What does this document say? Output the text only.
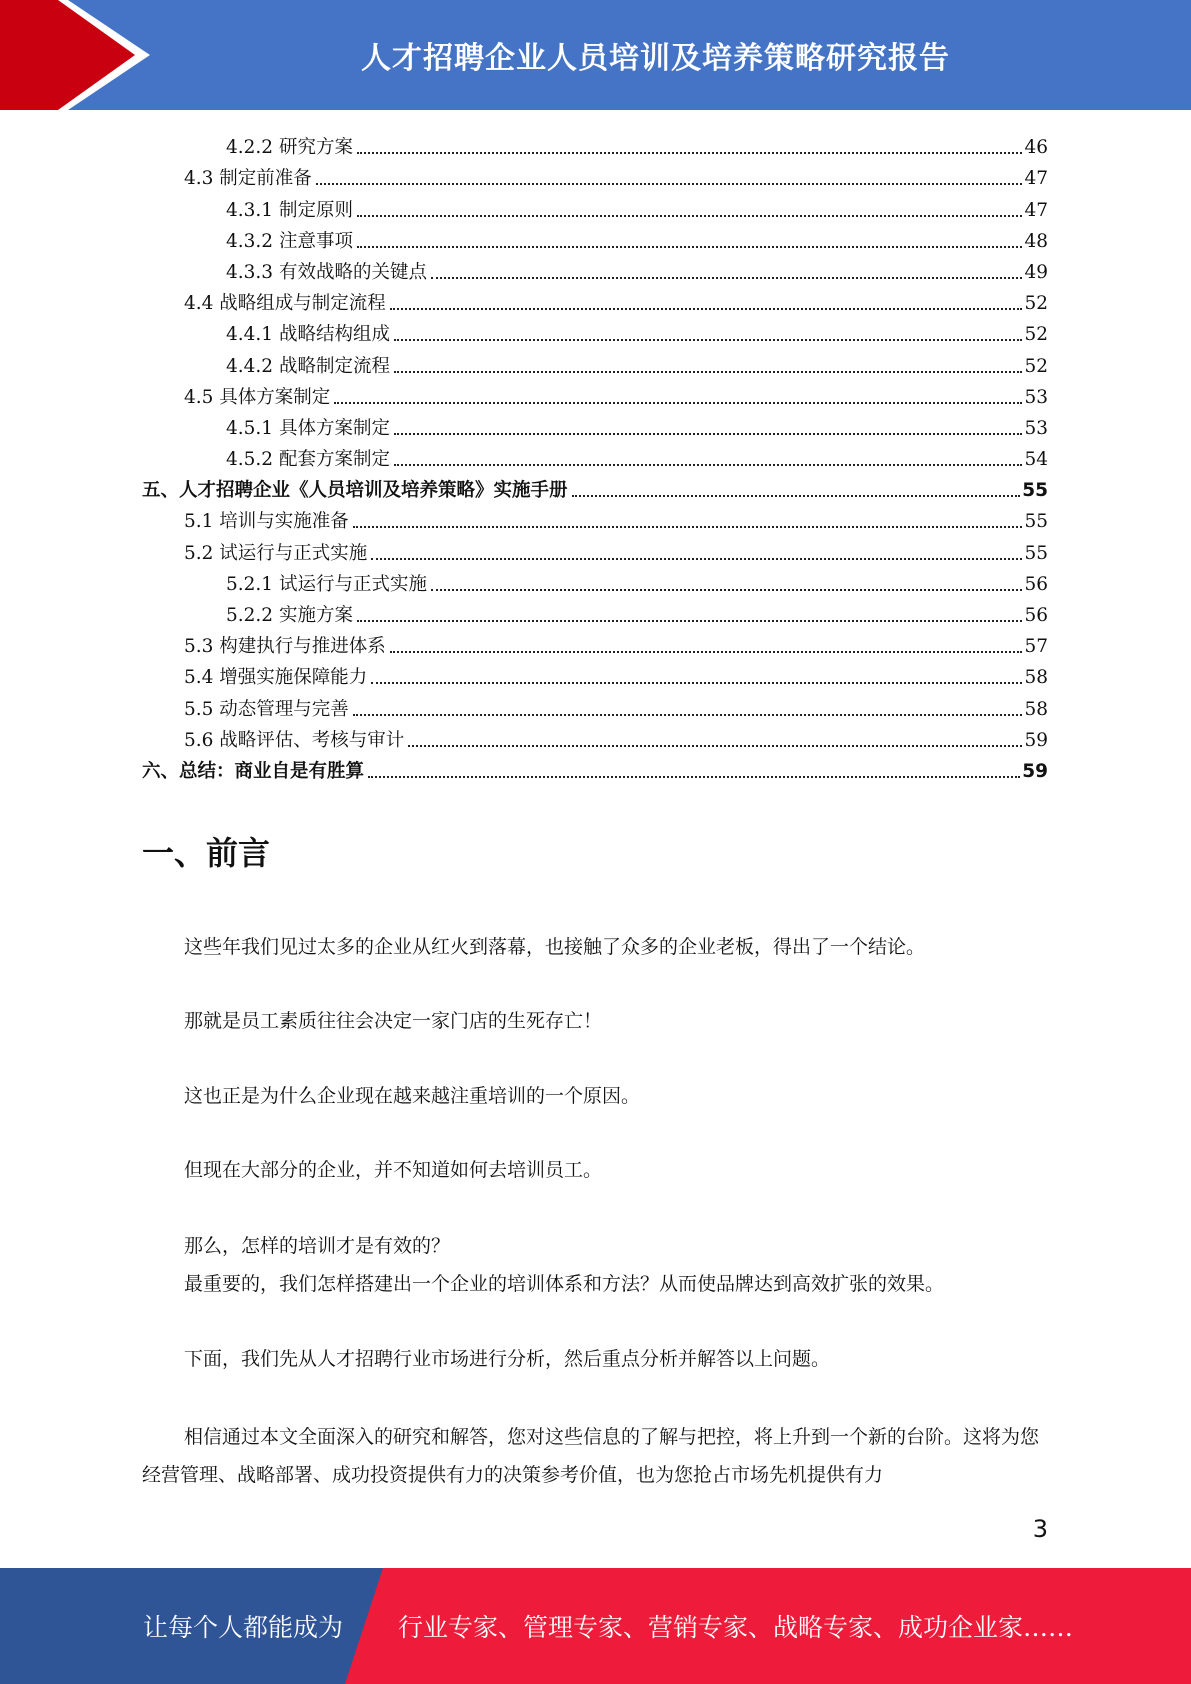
人才招聘企业人员培训及培养策略研究报告
4.2.2 研究方案	46
4.3 制定前准备	47
4.3.1 制定原则	47
4.3.2 注意事项	48
4.3.3 有效战略的关键点	49
4.4 战略组成与制定流程	52
4.4.1 战略结构组成	52
4.4.2 战略制定流程	52
4.5 具体方案制定	53
4.5.1 具体方案制定	53
4.5.2 配套方案制定	54
五、人才招聘企业《人员培训及培养策略》实施手册	55
5.1 培训与实施准备	55
5.2 试运行与正式实施	55
5.2.1 试运行与正式实施	56
5.2.2 实施方案	56
5.3 构建执行与推进体系	57
5.4 增强实施保障能力	58
5.5 动态管理与完善	58
5.6 战略评估、考核与审计	59
六、总结：商业自是有胜算	59
一、前言

这些年我们见过太多的企业从红火到落幕，也接触了众多的企业老板，得出了一个结论。

那就是员工素质往往会决定一家门店的生死存亡！

这也正是为什么企业现在越来越注重培训的一个原因。

但现在大部分的企业，并不知道如何去培训员工。

那么，怎样的培训才是有效的？

最重要的，我们怎样搭建出一个企业的培训体系和方法？从而使品牌达到高效扩张的效果。

下面，我们先从人才招聘行业市场进行分析，然后重点分析并解答以上问题。

相信通过本文全面深入的研究和解答，您对这些信息的了解与把控，将上升到一个新的台阶。这将为您经营管理、战略部署、成功投资提供有力的决策参考价值，也为您抢占市场先机提供有力

3
让每个人都能成为 行业专家、管理专家、营销专家、战略专家、成功企业家……
